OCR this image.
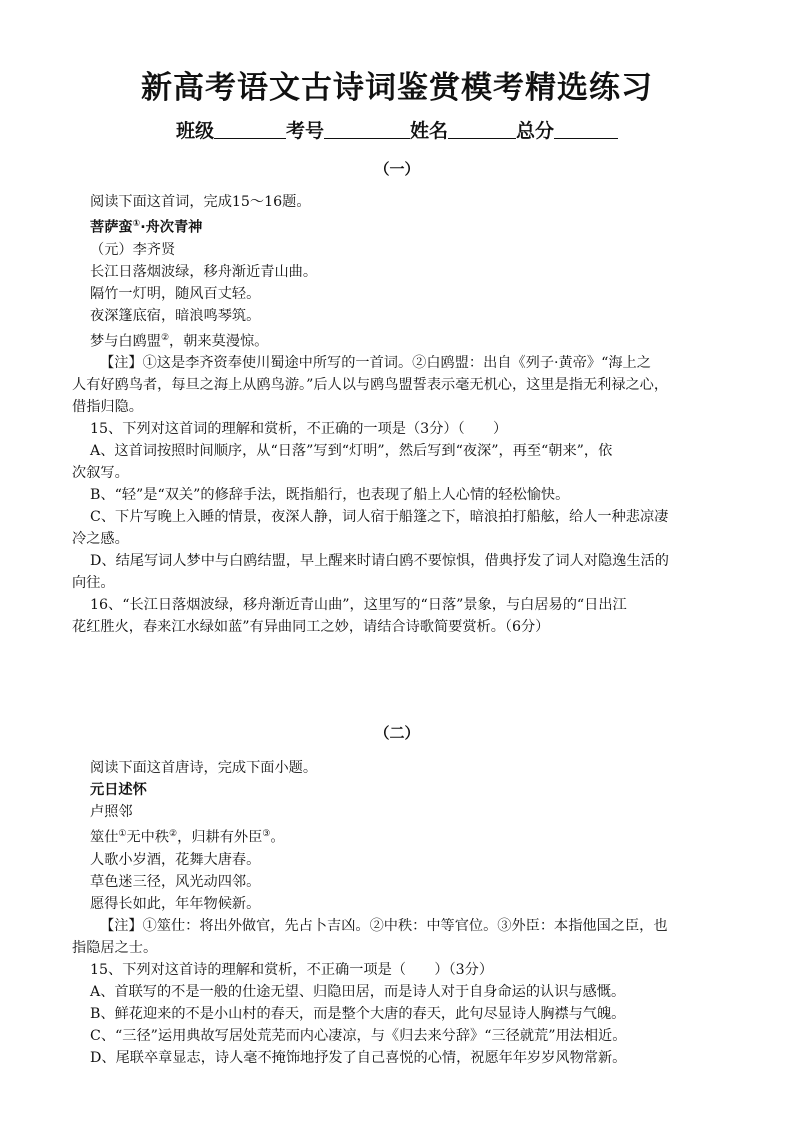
新高考语文古诗词鉴赏模考精选练习
班级	考号	姓名	总分
（一）

阅读下面这首词，完成15～16题。

菩萨蛮①·舟次青神

（元）李齐贤

长江日落烟波绿，移舟渐近青山曲。

隔竹一灯明，随风百丈轻。

夜深篷底宿，暗浪鸣琴筑。

梦与白鸥盟②，朝来莫漫惊。

【注】①这是李齐资奉使川蜀途中所写的一首词。②白鸥盟：出自《列子·黄帝》“海上之

人有好鸥鸟者，每旦之海上从鸥鸟游。”后人以与鸥鸟盟誓表示毫无机心，这里是指无利禄之心，

借指归隐。

15、下列对这首词的理解和赏析，不正确的一项是（3分）（　　）

A、这首词按照时间顺序，从“日落”写到“灯明”，然后写到“夜深”，再至“朝来”，依

次叙写。

B、“轻”是“双关”的修辞手法，既指船行，也表现了船上人心情的轻松愉快。

C、下片写晚上入睡的情景，夜深人静，词人宿于船篷之下，暗浪拍打船舷，给人一种悲凉凄

冷之感。

D、结尾写词人梦中与白鸥结盟，早上醒来时请白鸥不要惊惧，借典抒发了词人对隐逸生活的

向往。

16、“长江日落烟波绿，移舟渐近青山曲”，这里写的“日落”景象，与白居易的“日出江

花红胜火，春来江水绿如蓝”有异曲同工之妙，请结合诗歌简要赏析。（6分）

（二）

阅读下面这首唐诗，完成下面小题。

元日述怀

卢照邻

筮仕①无中秩②，归耕有外臣③。

人歌小岁酒，花舞大唐春。

草色迷三径，风光动四邻。

愿得长如此，年年物候新。

【注】①筮仕：将出外做官，先占卜吉凶。②中秩：中等官位。③外臣：本指他国之臣，也

指隐居之士。

15、下列对这首诗的理解和赏析，不正确一项是（　　）（3分）

A、首联写的不是一般的仕途无望、归隐田居，而是诗人对于自身命运的认识与感慨。

B、鲜花迎来的不是小山村的春天，而是整个大唐的春天，此句尽显诗人胸襟与气魄。

C、“三径”运用典故写居处荒芜而内心凄凉，与《归去来兮辞》“三径就荒”用法相近。

D、尾联卒章显志，诗人毫不掩饰地抒发了自己喜悦的心情，祝愿年年岁岁风物常新。
